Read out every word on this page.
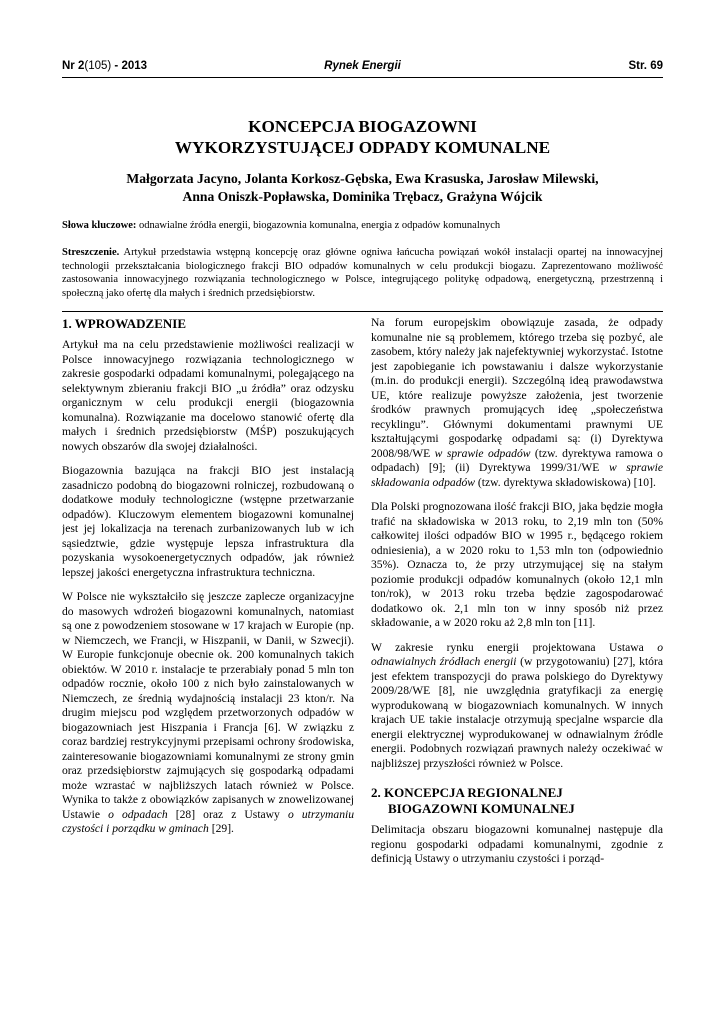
Nr 2(105) - 2013	Rynek Energii	Str. 69
KONCEPCJA BIOGAZOWNI
WYKORZYSTUJĄCEJ ODPADY KOMUNALNE
Małgorzata Jacyno, Jolanta Korkosz-Gębska, Ewa Krasuska, Jarosław Milewski,
Anna Oniszk-Popławska, Dominika Trębacz, Grażyna Wójcik
Słowa kluczowe: odnawialne źródła energii, biogazownia komunalna, energia z odpadów komunalnych
Streszczenie. Artykuł przedstawia wstępną koncepcję oraz główne ogniwa łańcucha powiązań wokół instalacji opartej na innowacyjnej technologii przekształcania biologicznego frakcji BIO odpadów komunalnych w celu produkcji biogazu. Zaprezentowano możliwość zastosowania innowacyjnego rozwiązania technologicznego w Polsce, integrującego politykę odpadową, energetyczną, przestrzenną i społeczną jako ofertę dla małych i średnich przedsiębiorstw.
1. WPROWADZENIE

Artykuł ma na celu przedstawienie możliwości realizacji w Polsce innowacyjnego rozwiązania technologicznego w zakresie gospodarki odpadami komunalnymi, polegającego na selektywnym zbieraniu frakcji BIO „u źródła” oraz odzysku organicznym w celu produkcji energii (biogazownia komunalna). Rozwiązanie ma docelowo stanowić ofertę dla małych i średnich przedsiębiorstw (MŚP) poszukujących nowych obszarów dla swojej działalności.

Biogazownia bazująca na frakcji BIO jest instalacją zasadniczo podobną do biogazowni rolniczej, rozbudowaną o dodatkowe moduły technologiczne (wstępne przetwarzanie odpadów). Kluczowym elementem biogazowni komunalnej jest jej lokalizacja na terenach zurbanizowanych lub w ich sąsiedztwie, gdzie występuje lepsza infrastruktura dla pozyskania wysokoenergetycznych odpadów, jak również lepszej jakości energetyczna infrastruktura techniczna.

W Polsce nie wykształciło się jeszcze zaplecze organizacyjne do masowych wdrożeń biogazowni komunalnych, natomiast są one z powodzeniem stosowane w 17 krajach w Europie (np. w Niemczech, we Francji, w Hiszpanii, w Danii, w Szwecji). W Europie funkcjonuje obecnie ok. 200 komunalnych takich obiektów. W 2010 r. instalacje te przerabiały ponad 5 mln ton odpadów rocznie, około 100 z nich było zainstalowanych w Niemczech, ze średnią wydajnością instalacji 23 kton/r. Na drugim miejscu pod względem przetworzonych odpadów w biogazowniach jest Hiszpania i Francja [6]. W związku z coraz bardziej restrykcyjnymi przepisami ochrony środowiska, zainteresowanie biogazowniami komunalnymi ze strony gmin oraz przedsiębiorstw zajmujących się gospodarką odpadami może wzrastać w najbliższych latach również w Polsce. Wynika to także z obowiązków zapisanych w znowelizowanej Ustawie o odpadach [28] oraz z Ustawy o utrzymaniu czystości i porządku w gminach [29].

Na forum europejskim obowiązuje zasada, że odpady komunalne nie są problemem, którego trzeba się pozbyć, ale zasobem, który należy jak najefektywniej wykorzystać. Istotne jest zapobieganie ich powstawaniu i dalsze wykorzystanie (m.in. do produkcji energii). Szczególną ideą prawodawstwa UE, które realizuje powyższe założenia, jest tworzenie środków prawnych promujących ideę „społeczeństwa recyklingu”. Głównymi dokumentami prawnymi UE kształtującymi gospodarkę odpadami są: (i) Dyrektywa 2008/98/WE w sprawie odpadów (tzw. dyrektywa ramowa o odpadach) [9]; (ii) Dyrektywa 1999/31/WE w sprawie składowania odpadów (tzw. dyrektywa składowiskowa) [10].

Dla Polski prognozowana ilość frakcji BIO, jaka będzie mogła trafić na składowiska w 2013 roku, to 2,19 mln ton (50% całkowitej ilości odpadów BIO w 1995 r., będącego rokiem odniesienia), a w 2020 roku to 1,53 mln ton (odpowiednio 35%). Oznacza to, że przy utrzymującej się na stałym poziomie produkcji odpadów komunalnych (około 12,1 mln ton/rok), w 2013 roku trzeba będzie zagospodarować dodatkowo ok. 2,1 mln ton w inny sposób niż przez składowanie, a w 2020 roku aż 2,8 mln ton [11].

W zakresie rynku energii projektowana Ustawa o odnawialnych źródłach energii (w przygotowaniu) [27], która jest efektem transpozycji do prawa polskiego do Dyrektywy 2009/28/WE [8], nie uwzględnia gratyfikacji za energię wyprodukowaną w biogazowniach komunalnych. W innych krajach UE takie instalacje otrzymują specjalne wsparcie dla energii elektrycznej wyprodukowanej w odnawialnym źródle energii. Podobnych rozwiązań prawnych należy oczekiwać w najbliższej przyszłości również w Polsce.

2. KONCEPCJA REGIONALNEJ
BIOGAZOWNI KOMUNALNEJ

Delimitacja obszaru biogazowni komunalnej następuje dla regionu gospodarki odpadami komunalnymi, zgodnie z definicją Ustawy o utrzymaniu czystości i porząd-
